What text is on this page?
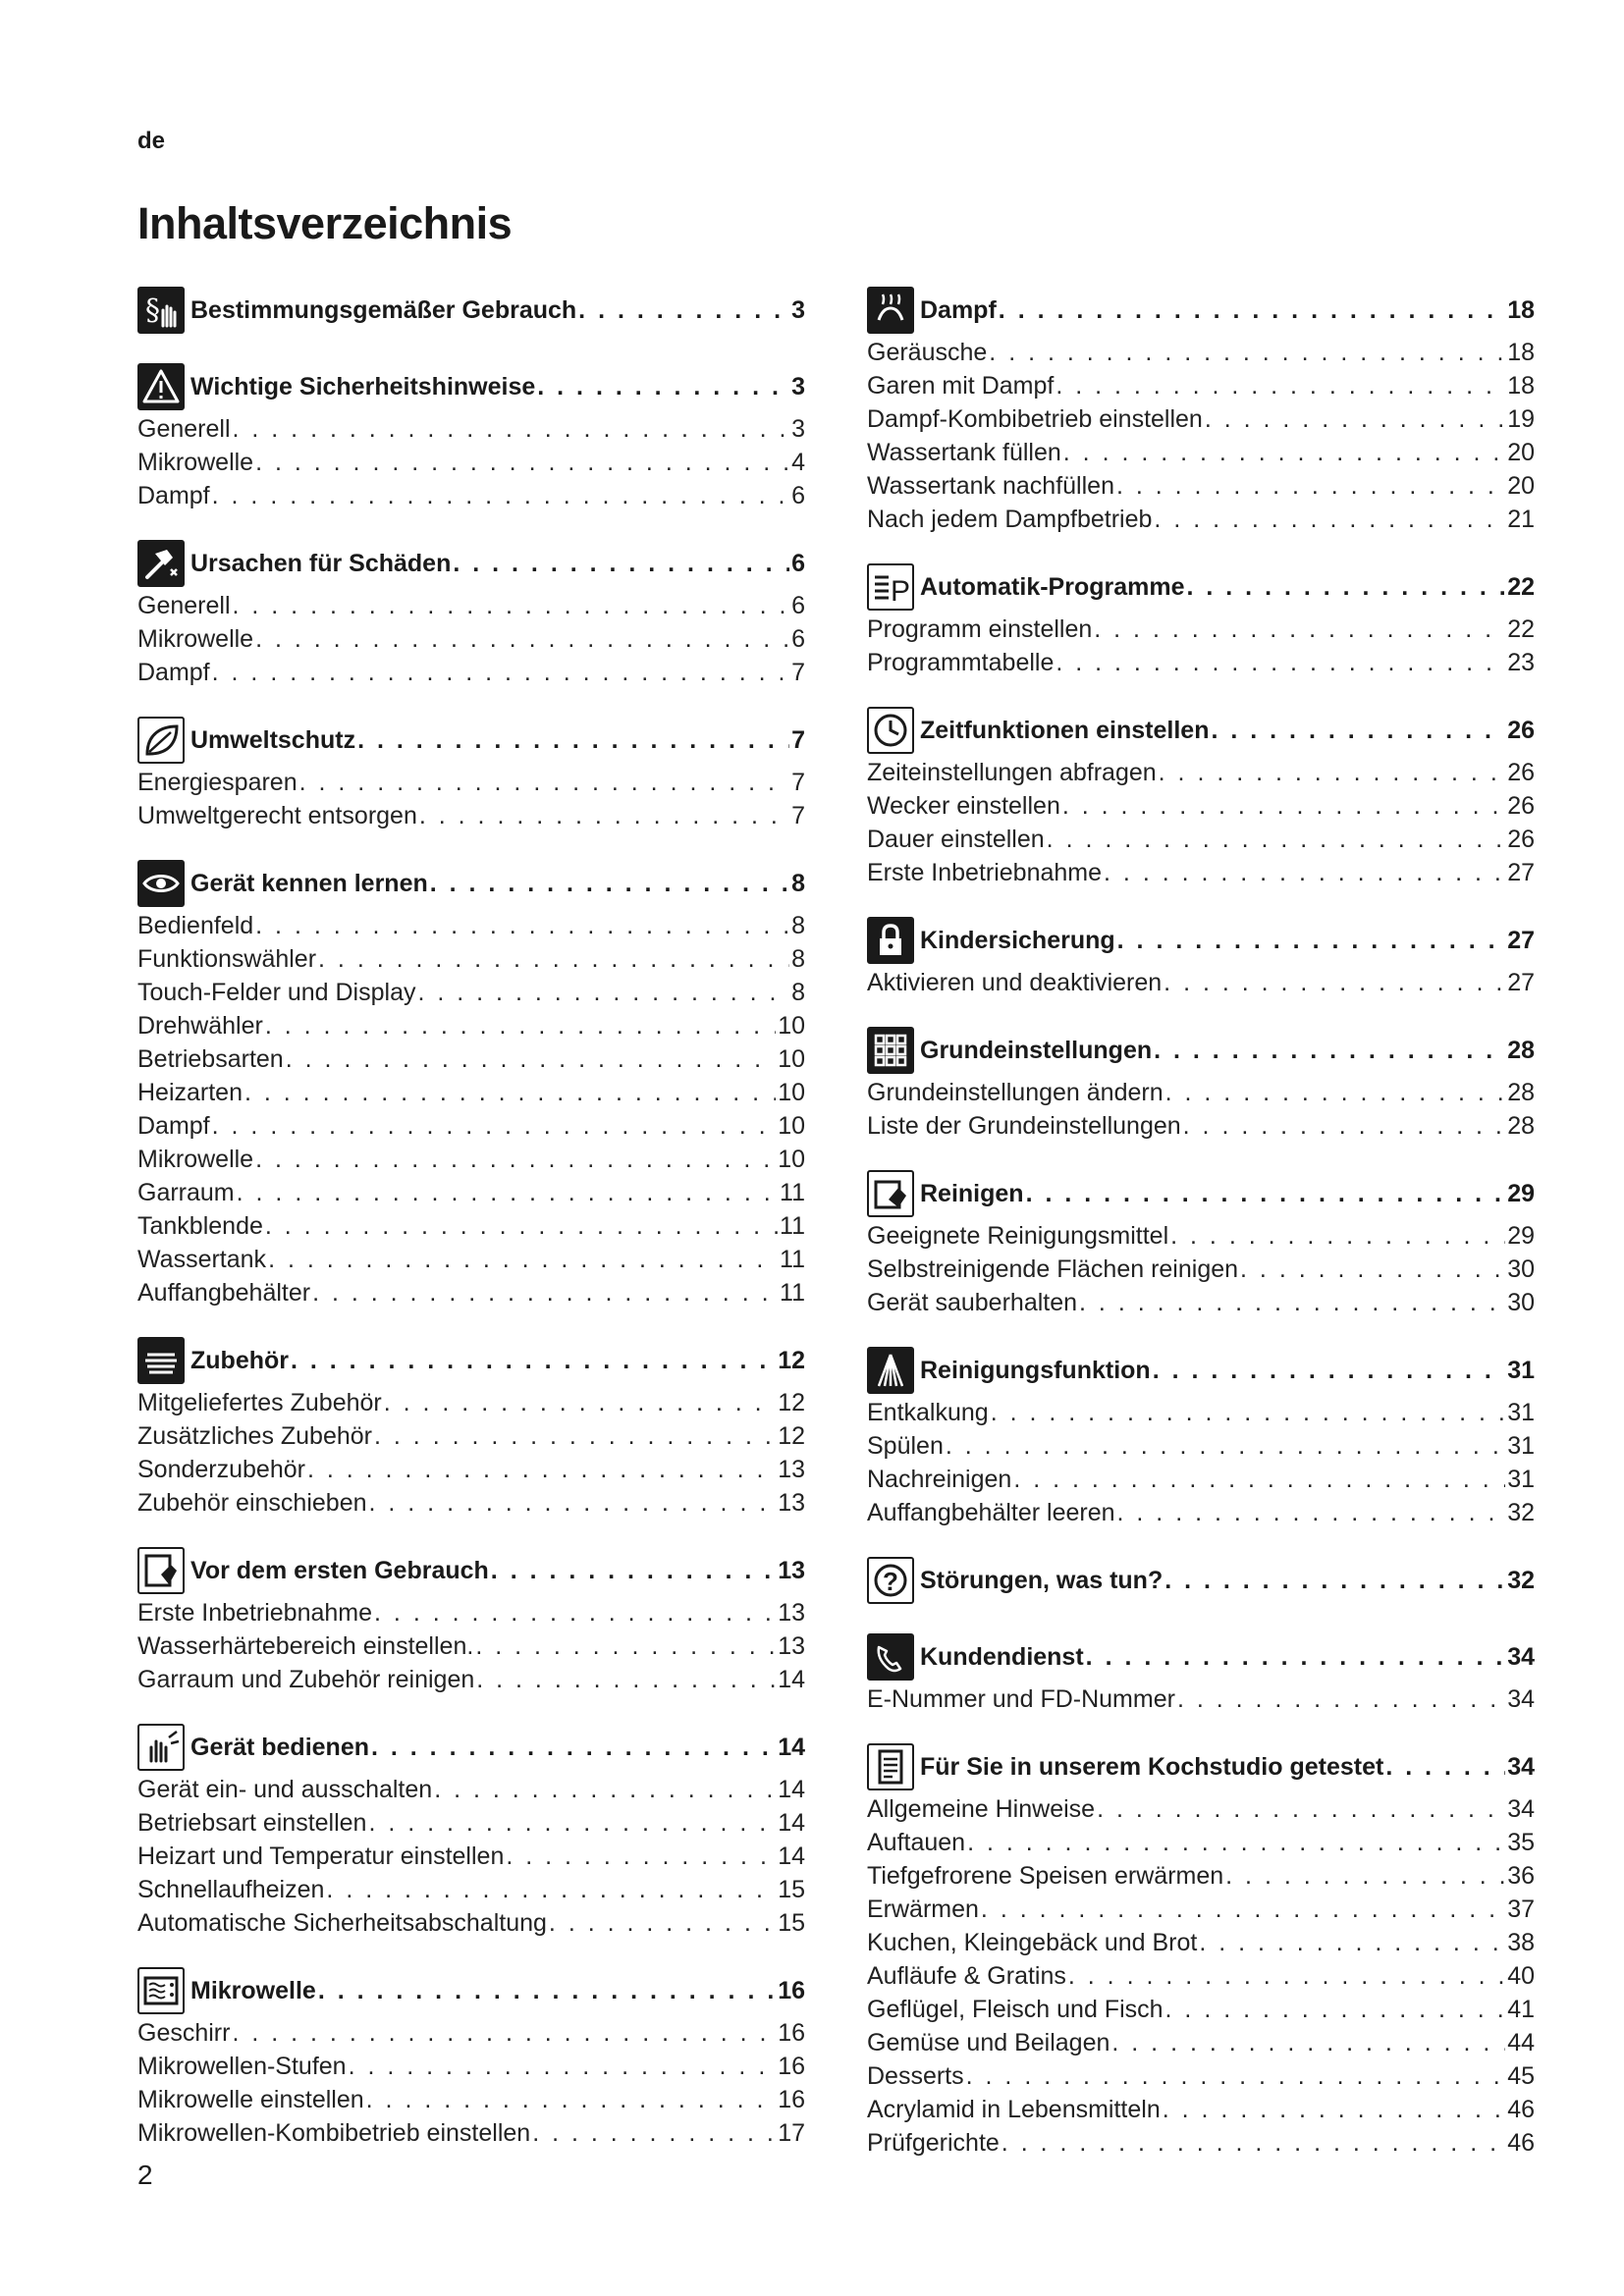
de
Inhaltsverzeichnis
§ Bestimmungsgemäßer Gebrauch . . .	3
Wichtige Sicherheitshinweise . . .	3
Generell . . .	3
Mikrowelle . . .	4
Dampf . . .	6
Ursachen für Schäden . . .	6
Generell . . .	6
Mikrowelle . . .	6
Dampf . . .	7
Umweltschutz . . .	7
Energiesparen . . .	7
Umweltgerecht entsorgen . . .	7
Gerät kennen lernen . . .	8
Bedienfeld . . .	8
Funktionswähler . . .	8
Touch-Felder und Display . . .	8
Drehwähler . . .	10
Betriebsarten . . .	10
Heizarten . . .	10
Dampf . . .	10
Mikrowelle . . .	10
Garraum . . .	11
Tankblende . . .	11
Wassertank . . .	11
Auffangbehälter . . .	11
Zubehör . . .	12
Mitgeliefertes Zubehör . . .	12
Zusätzliches Zubehör . . .	12
Sonderzubehör . . .	13
Zubehör einschieben . . .	13
Vor dem ersten Gebrauch . . .	13
Erste Inbetriebnahme . . .	13
Wasserhärtebereich einstellen. . . .	13
Garraum und Zubehör reinigen . . .	14
Gerät bedienen . . .	14
Gerät ein- und ausschalten . . .	14
Betriebsart einstellen . . .	14
Heizart und Temperatur einstellen . . .	14
Schnellaufheizen . . .	15
Automatische Sicherheitsabschaltung . . .	15
Mikrowelle . . .	16
Geschirr . . .	16
Mikrowellen-Stufen . . .	16
Mikrowelle einstellen . . .	16
Mikrowellen-Kombibetrieb einstellen . . .	17
Dampf . . .	18
Geräusche . . .	18
Garen mit Dampf . . .	18
Dampf-Kombibetrieb einstellen . . .	19
Wassertank füllen . . .	20
Wassertank nachfüllen . . .	20
Nach jedem Dampfbetrieb . . .	21
P Automatik-Programme . . .	22
Programm einstellen . . .	22
Programmtabelle . . .	23
Zeitfunktionen einstellen . . .	26
Zeiteinstellungen abfragen . . .	26
Wecker einstellen . . .	26
Dauer einstellen . . .	26
Erste Inbetriebnahme . . .	27
Kindersicherung . . .	27
Aktivieren und deaktivieren . . .	27
Grundeinstellungen . . .	28
Grundeinstellungen ändern . . .	28
Liste der Grundeinstellungen . . .	28
Reinigen . . .	29
Geeignete Reinigungsmittel . . .	29
Selbstreinigende Flächen reinigen . . .	30
Gerät sauberhalten . . .	30
Reinigungsfunktion . . .	31
Entkalkung . . .	31
Spülen . . .	31
Nachreinigen . . .	31
Auffangbehälter leeren . . .	32
? Störungen, was tun? . . .	32
Kundendienst . . .	34
E-Nummer und FD-Nummer . . .	34
Für Sie in unserem Kochstudio getestet . . .	34
Allgemeine Hinweise . . .	34
Auftauen . . .	35
Tiefgefrorene Speisen erwärmen . . .	36
Erwärmen . . .	37
Kuchen, Kleingebäck und Brot . . .	38
Aufläufe & Gratins . . .	40
Geflügel, Fleisch und Fisch . . .	41
Gemüse und Beilagen . . .	44
Desserts . . .	45
Acrylamid in Lebensmitteln . . .	46
Prüfgerichte . . .	46
2
